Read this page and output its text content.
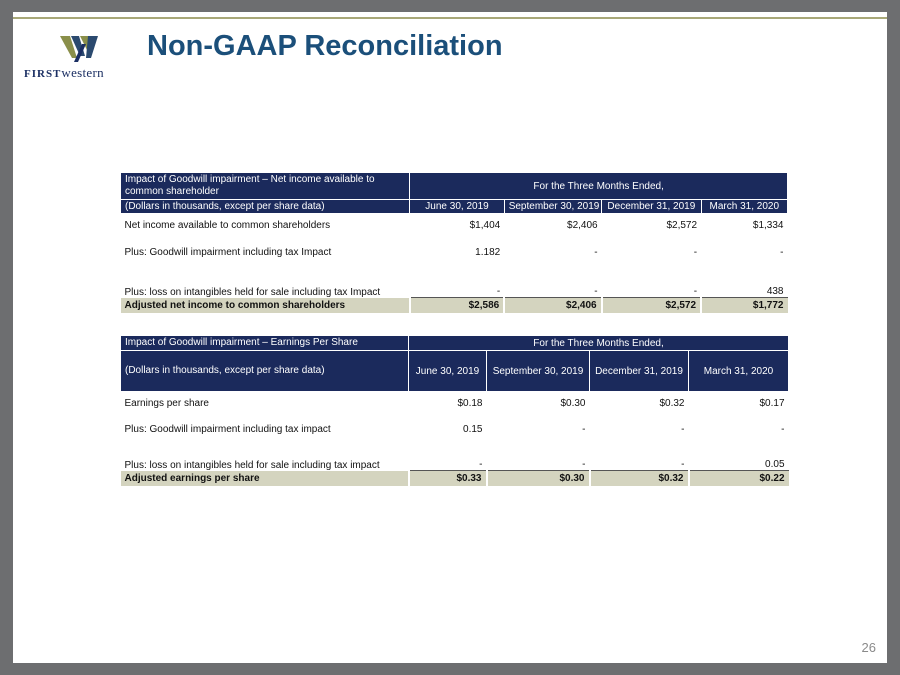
FIRSTwestern
Non-GAAP Reconciliation
Impact of Goodwill impairment – Net income available to common shareholder	For the Three Months Ended,			
(Dollars in thousands, except per share data)	June 30, 2019	September 30, 2019	December 31, 2019	March 31, 2020
Net income available to common shareholders	$1,404	$2,406	$2,572	$1,334
Plus: Goodwill impairment including tax Impact	1.182	-	-	-
Plus: loss on intangibles held for sale including tax Impact	-	-	-	438
Adjusted net income to common shareholders	$2,586	$2,406	$2,572	$1,772
Impact of Goodwill impairment – Earnings Per Share	For the Three Months Ended,			
(Dollars in thousands, except per share data)	June 30, 2019	September 30, 2019	December 31, 2019	March 31, 2020
Earnings per share	$0.18	$0.30	$0.32	$0.17
Plus: Goodwill impairment including tax impact	0.15	-	-	-
Plus: loss on intangibles held for sale including tax impact	-	-	-	0.05
Adjusted earnings per share	$0.33	$0.30	$0.32	$0.22
26
